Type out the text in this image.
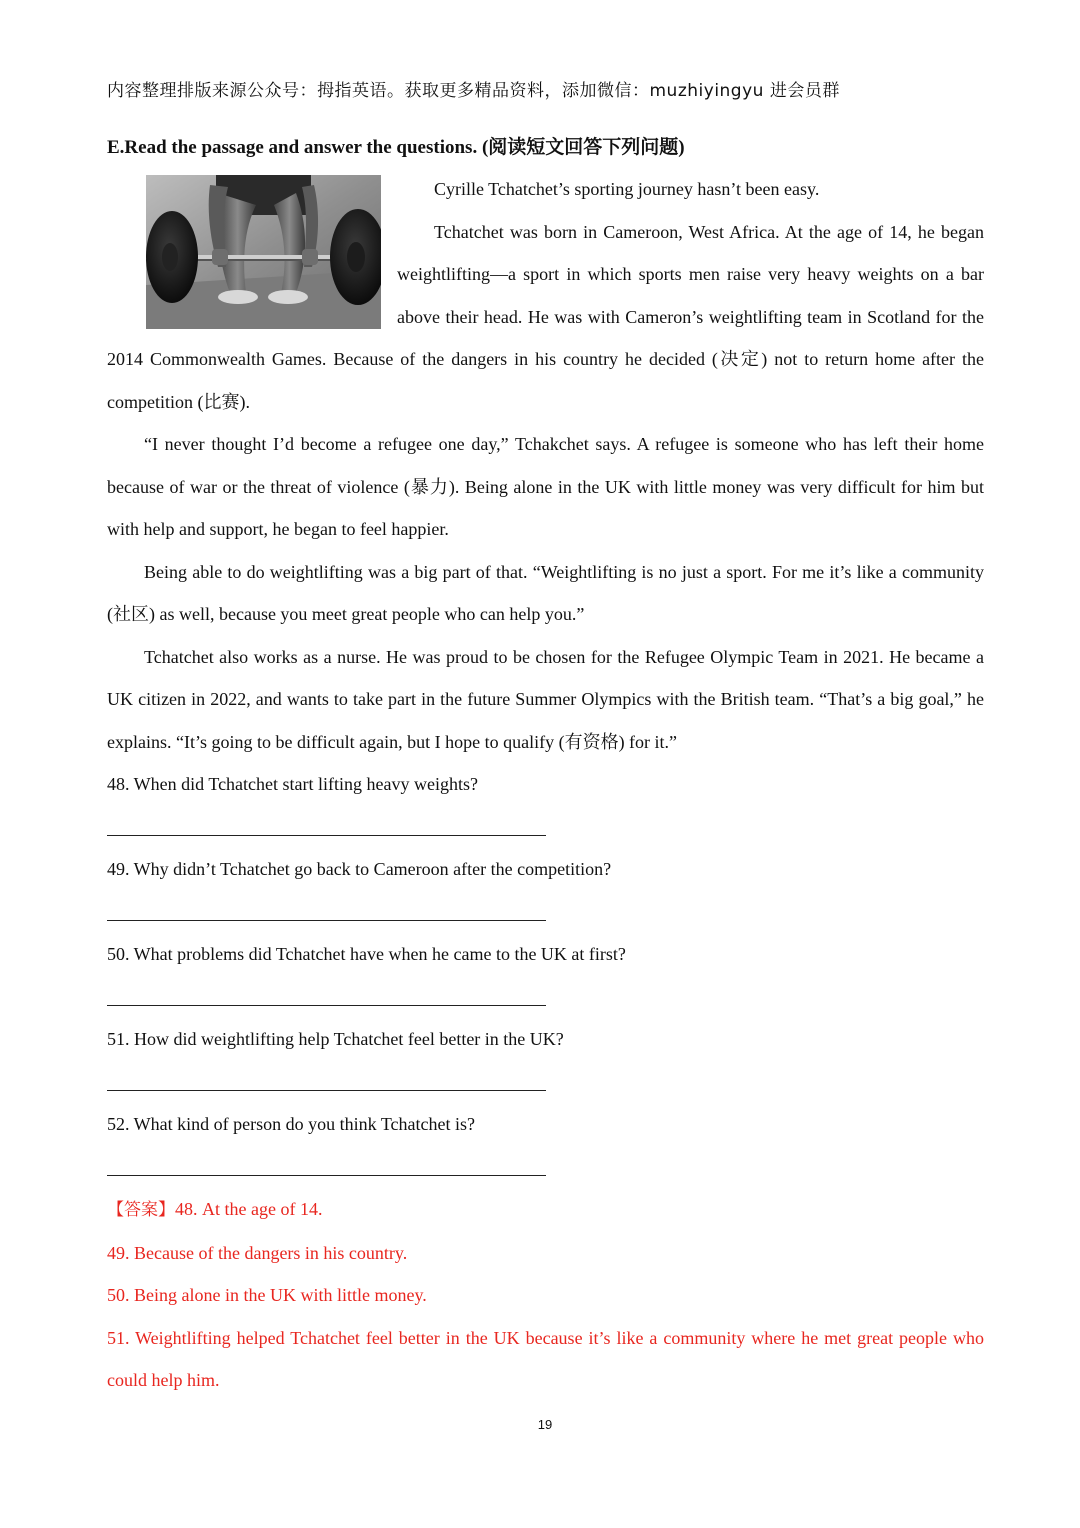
内容整理排版来源公众号：拇指英语。获取更多精品资料，添加微信：muzhiyingyu 进会员群
E.Read the passage and answer the questions. (阅读短文回答下列问题)

Cyrille Tchatchet’s sporting journey hasn’t been easy.

Tchatchet was born in Cameroon, West Africa. At the age of 14, he began weightlifting—a sport in which sports men raise very heavy weights on a bar above their head. He was with Cameron’s weightlifting team in Scotland for the 2014 Commonwealth Games. Because of the dangers in his country he decided (决定) not to return home after the competition (比赛).

“I never thought I’d become a refugee one day,” Tchakchet says. A refugee is someone who has left their home because of war or the threat of violence (暴力). Being alone in the UK with little money was very difficult for him but with help and support, he began to feel happier.

Being able to do weightlifting was a big part of that. “Weightlifting is no just a sport. For me it’s like a community (社区) as well, because you meet great people who can help you.”

Tchatchet also works as a nurse. He was proud to be chosen for the Refugee Olympic Team in 2021. He became a UK citizen in 2022, and wants to take part in the future Summer Olympics with the British team. “That’s a big goal,” he explains. “It’s going to be difficult again, but I hope to qualify (有资格) for it.”

48. When did Tchatchet start lifting heavy weights?
49. Why didn’t Tchatchet go back to Cameroon after the competition?
50. What problems did Tchatchet have when he came to the UK at first?
51. How did weightlifting help Tchatchet feel better in the UK?
52. What kind of person do you think Tchatchet is?

【答案】48. At the age of 14.

49. Because of the dangers in his country.

50. Being alone in the UK with little money.

51. Weightlifting helped Tchatchet feel better in the UK because it’s like a community where he met great people who could help him.

19
